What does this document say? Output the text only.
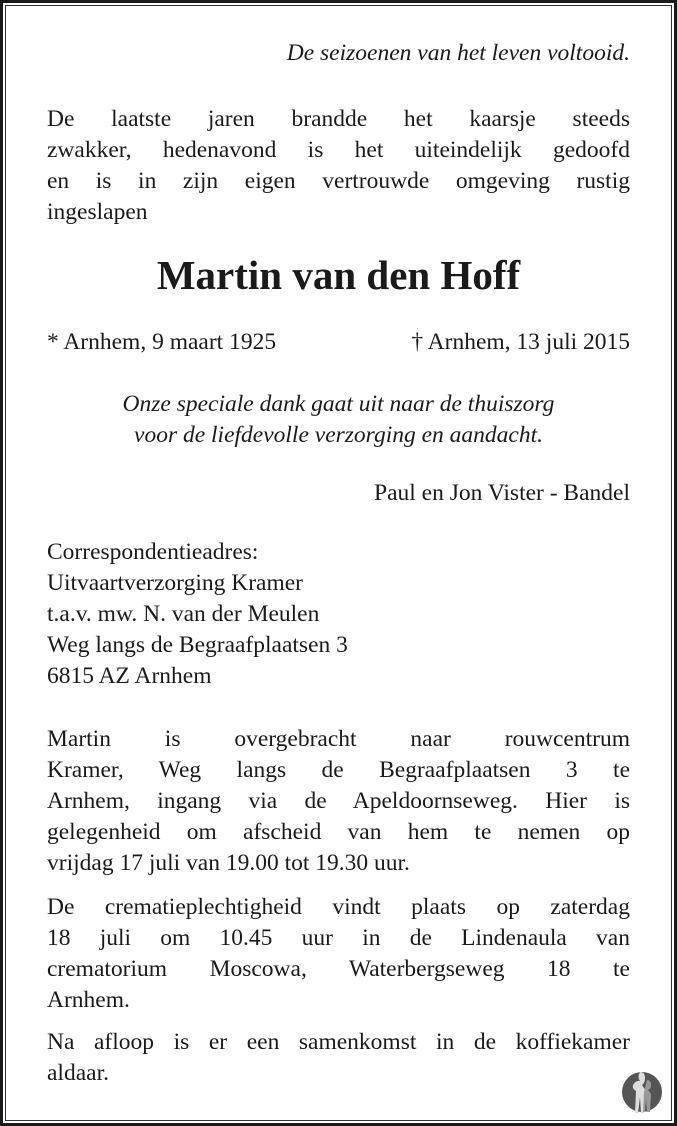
De seizoenen van het leven voltooid.
De laatste jaren brandde het kaarsje steeds
zwakker, hedenavond is het uiteindelijk gedoofd
en is in zijn eigen vertrouwde omgeving rustig
ingeslapen
Martin van den Hoff
* Arnhem, 9 maart 1925	† Arnhem, 13 juli 2015
Onze speciale dank gaat uit naar de thuiszorg
voor de liefdevolle verzorging en aandacht.
Paul en Jon Vister - Bandel
Correspondentieadres:
Uitvaartverzorging Kramer
t.a.v. mw. N. van der Meulen
Weg langs de Begraafplaatsen 3
6815 AZ Arnhem
Martin is overgebracht naar rouwcentrum
Kramer, Weg langs de Begraafplaatsen 3 te
Arnhem, ingang via de Apeldoornseweg. Hier is
gelegenheid om afscheid van hem te nemen op
vrijdag 17 juli van 19.00 tot 19.30 uur.
De crematieplechtigheid vindt plaats op zaterdag
18 juli om 10.45 uur in de Lindenaula van
crematorium Moscowa, Waterbergseweg 18 te
Arnhem.
Na afloop is er een samenkomst in de koffiekamer
aldaar.
